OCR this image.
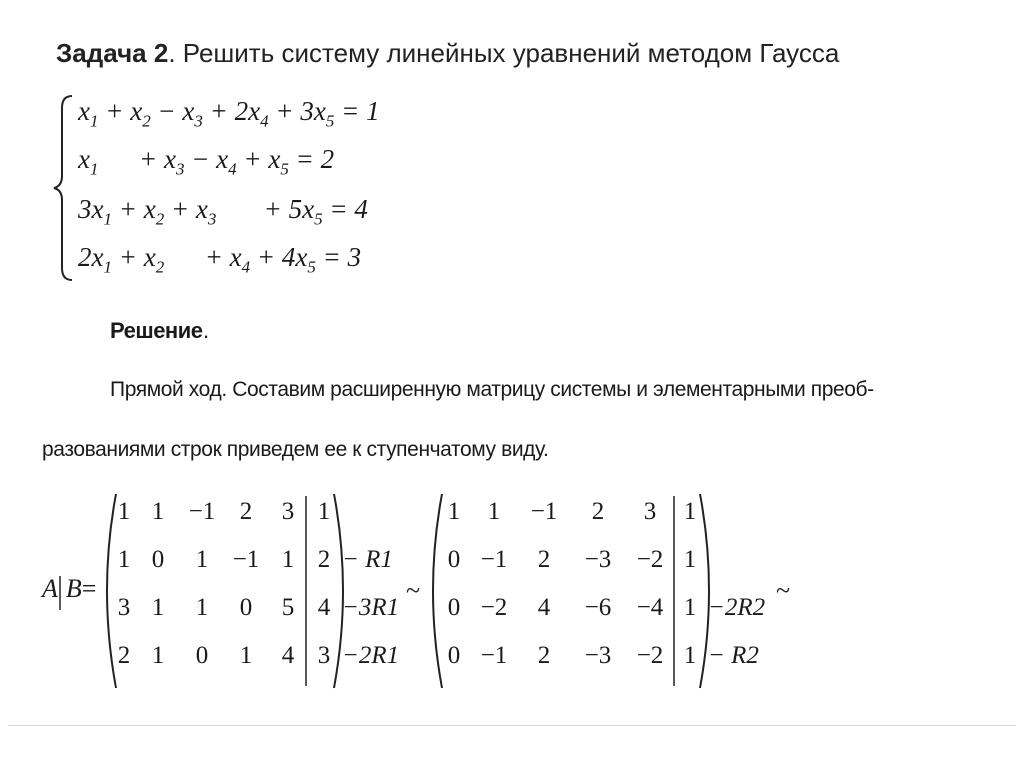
Задача 2. Решить систему линейных уравнений методом Гаусса
$x_1 + x_2 - x_3 + 2x_4 + 3x_5 = 1$
$x_1$      + $x_3 - x_4 + x_5 = 2$
$3x_1 + x_2 + x_3$       + $5x_5 = 4$
$2x_1 + x_2$      + $x_4 + 4x_5 = 3$
Решение .
Прямой ход. Составим расширенную матрицу системы и элементарными преоб-
разованиями строк приведем ее к ступенчатому виду.
A B=
1 1 −1 2	3 1
1 0	1 −1 1 2 − R1
3 1	1	0	5 4 −3R1
2 1	0	1	4 3 −2R1
1	1	−1	2	3	1
0 −1	2	−3 −2 1
0 −2	4	−6 −4 1 −2R2
0 −1	2	−3 −2 1 − R2
~	~
